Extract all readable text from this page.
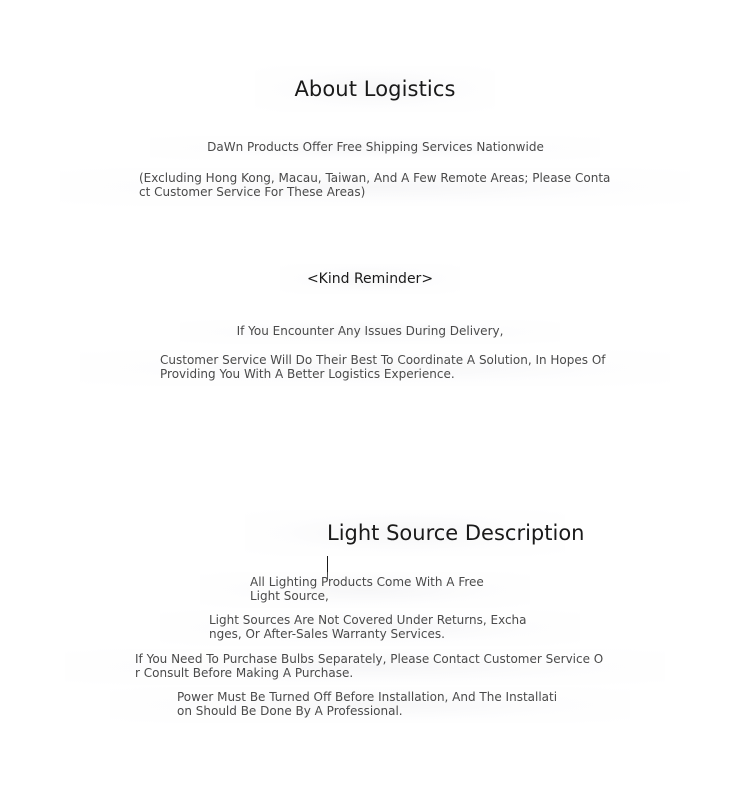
About Logistics
DaWn Products Offer Free Shipping Services Nationwide
(Excluding Hong Kong, Macau, Taiwan, And A Few Remote Areas; Please Contact Customer Service For These Areas)
<Kind Reminder>
If You Encounter Any Issues During Delivery,
Customer Service Will Do Their Best To Coordinate A Solution, In Hopes Of Providing You With A Better Logistics Experience.
Light Source Description
All Lighting Products Come With A Free Light Source,
Light Sources Are Not Covered Under Returns, Exchanges, Or After-Sales Warranty Services.
If You Need To Purchase Bulbs Separately, Please Contact Customer Service Or Consult Before Making A Purchase.
Power Must Be Turned Off Before Installation, And The Installation Should Be Done By A Professional.
